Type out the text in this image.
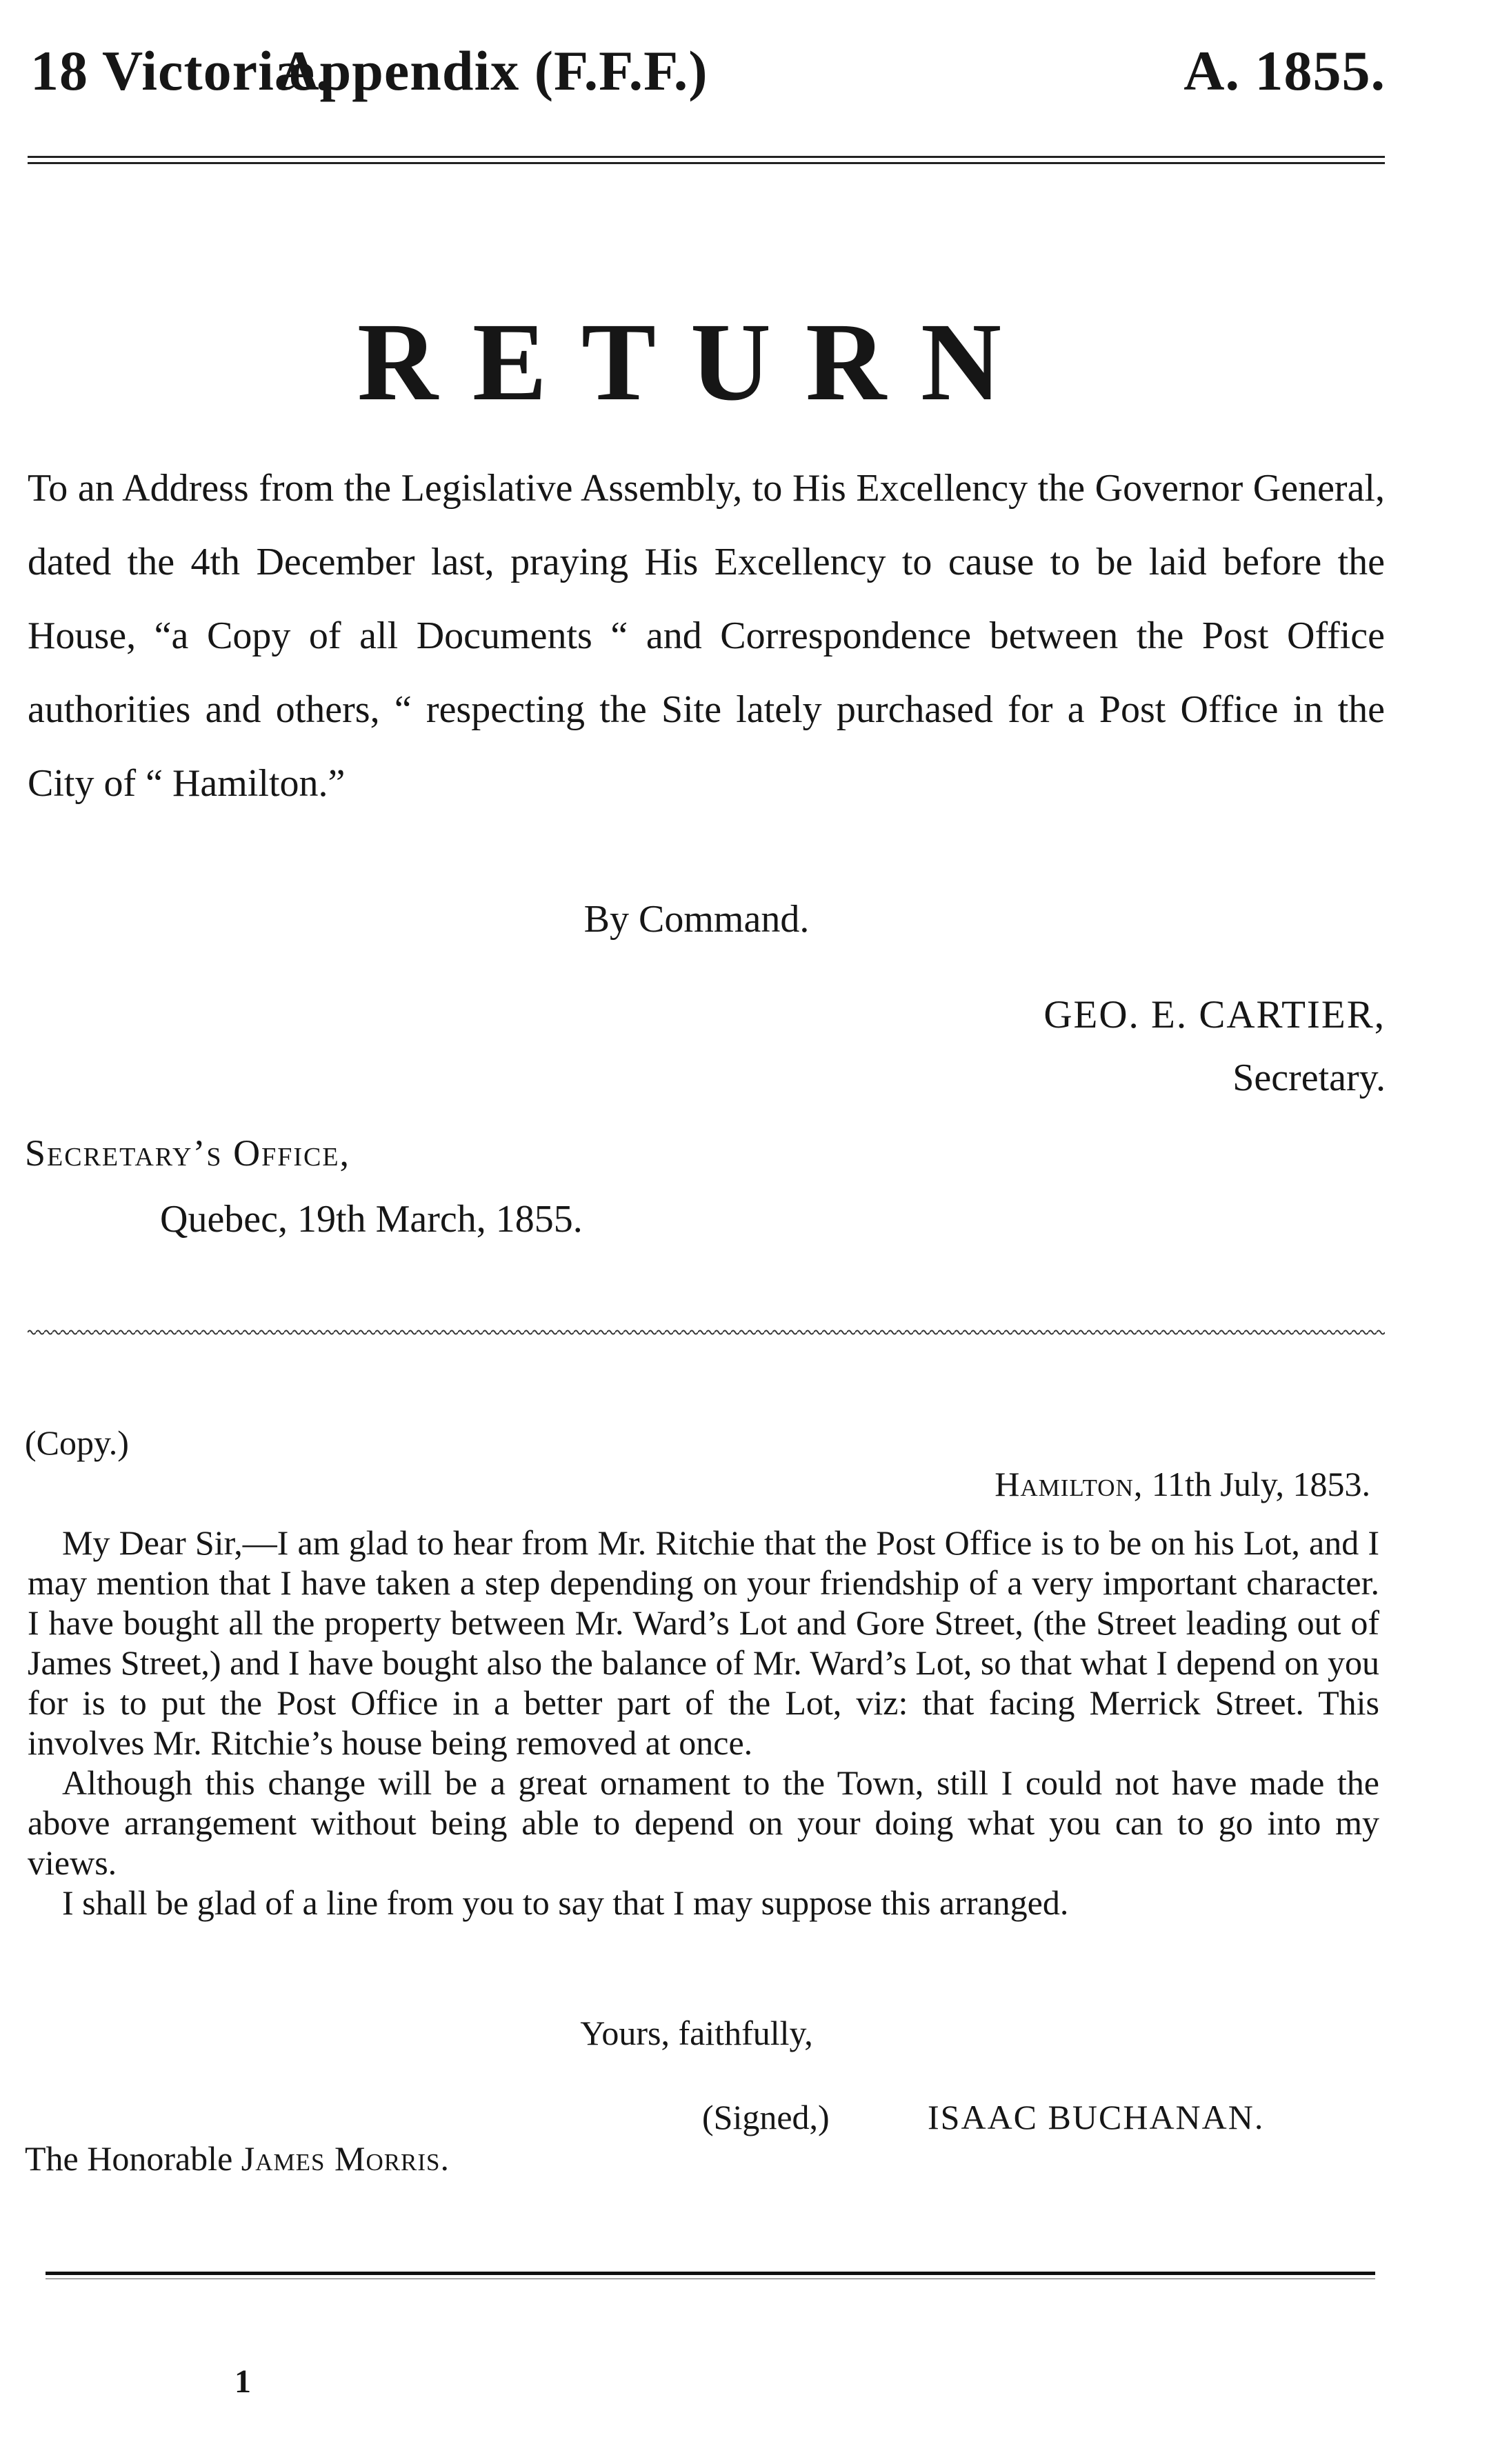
18 Victoriæ.
Appendix (F.F.F.)	A. 1855.
RETURN
To an Address from the Legislative Assembly, to His Excellency the Governor General, dated the 4th December last, praying His Excellency to cause to be laid before the House, “a Copy of all Documents “ and Correspondence between the Post Office authorities and others, “ respecting the Site lately purchased for a Post Office in the City of “ Hamilton.”
By Command.
GEO. E. CARTIER,
Secretary.
Secretary’s Office,
Quebec, 19th March, 1855.
(Copy.)
Hamilton, 11th July, 1853.

My Dear Sir,—I am glad to hear from Mr. Ritchie that the Post Office is to be on his Lot, and I may mention that I have taken a step depending on your friendship of a very important character. I have bought all the property between Mr. Ward’s Lot and Gore Street, (the Street leading out of James Street,) and I have bought also the balance of Mr. Ward’s Lot, so that what I depend on you for is to put the Post Office in a better part of the Lot, viz: that facing Merrick Street. This involves Mr. Ritchie’s house being removed at once.

Although this change will be a great ornament to the Town, still I could not have made the above arrangement without being able to depend on your doing what you can to go into my views.

I shall be glad of a line from you to say that I may suppose this arranged.

Yours, faithfully,
(Signed,)	ISAAC BUCHANAN.
The Honorable James Morris.
1
